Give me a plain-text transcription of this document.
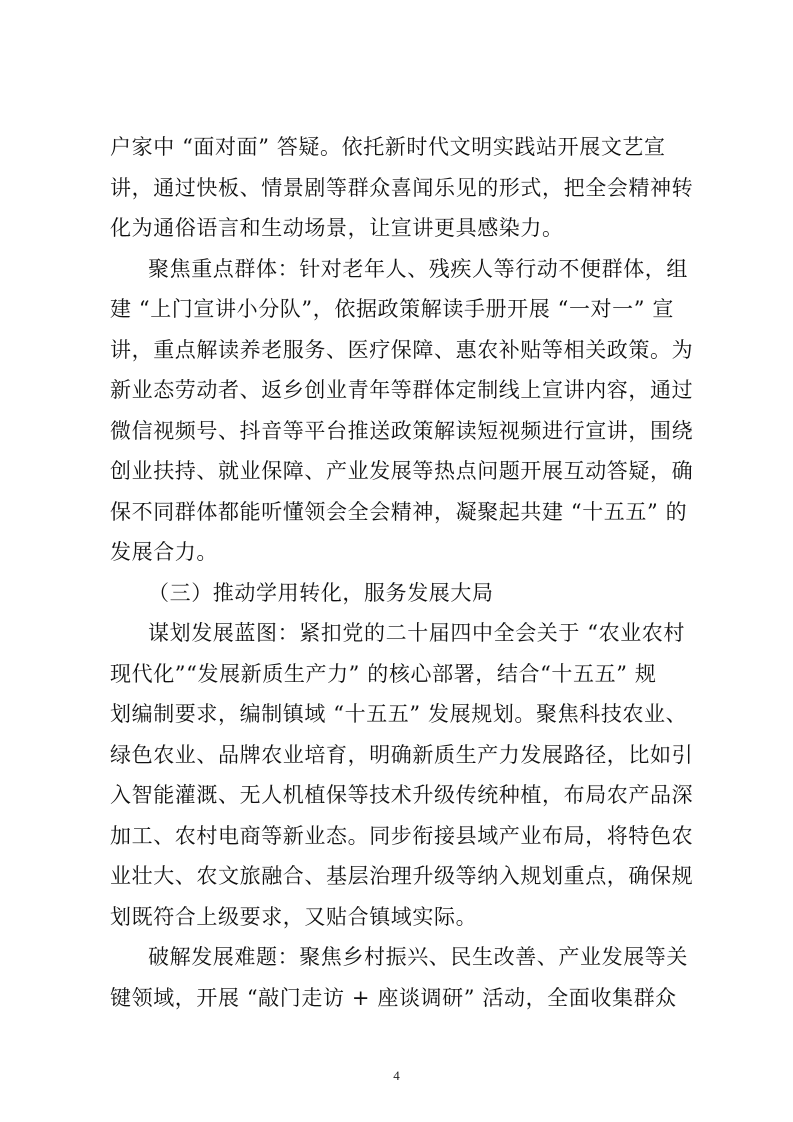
户家中 “面对面” 答疑。依托新时代文明实践站开展文艺宣
讲，通过快板、情景剧等群众喜闻乐见的形式，把全会精神转
化为通俗语言和生动场景，让宣讲更具感染力。
聚焦重点群体：针对老年人、残疾人等行动不便群体，组
建 “上门宣讲小分队”，依据政策解读手册开展 “一对一” 宣
讲，重点解读养老服务、医疗保障、惠农补贴等相关政策。为
新业态劳动者、返乡创业青年等群体定制线上宣讲内容，通过
微信视频号、抖音等平台推送政策解读短视频进行宣讲，围绕
创业扶持、就业保障、产业发展等热点问题开展互动答疑，确
保不同群体都能听懂领会全会精神，凝聚起共建 “十五五” 的
发展合力。
（三）推动学用转化，服务发展大局
谋划发展蓝图：紧扣党的二十届四中全会关于 “农业农村
现代化”“发展新质生产力” 的核心部署，结合“十五五” 规
划编制要求，编制镇域 “十五五” 发展规划。聚焦科技农业、
绿色农业、品牌农业培育，明确新质生产力发展路径，比如引
入智能灌溉、无人机植保等技术升级传统种植，布局农产品深
加工、农村电商等新业态。同步衔接县域产业布局，将特色农
业壮大、农文旅融合、基层治理升级等纳入规划重点，确保规
划既符合上级要求，又贴合镇域实际。
破解发展难题：聚焦乡村振兴、民生改善、产业发展等关
键领域，开展 “敲门走访 + 座谈调研” 活动，全面收集群众
4
